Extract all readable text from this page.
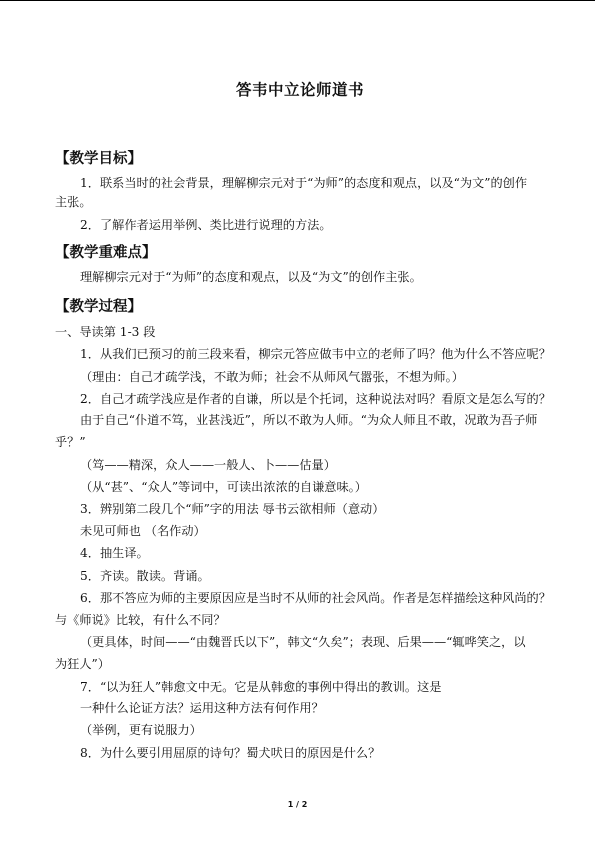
答韦中立论师道书
【教学目标】
1．联系当时的社会背景，理解柳宗元对于“为师”的态度和观点，以及“为文”的创作
主张。
2．了解作者运用举例、类比进行说理的方法。
【教学重难点】
理解柳宗元对于“为师”的态度和观点，以及“为文”的创作主张。
【教学过程】
一、导读第 1-3 段
1．从我们已预习的前三段来看，柳宗元答应做韦中立的老师了吗？他为什么不答应呢？
（理由：自己才疏学浅，不敢为师；社会不从师风气嚣张，不想为师。）
2．自己才疏学浅应是作者的自谦，所以是个托词，这种说法对吗？看原文是怎么写的？
由于自己“仆道不笃，业甚浅近”，所以不敢为人师。“为众人师且不敢，况敢为吾子师
乎？”
（笃——精深，众人——一般人、卜——估量）
（从“甚”、“众人”等词中，可读出浓浓的自谦意味。）
3．辨别第二段几个“师”字的用法 辱书云欲相师（意动）
未见可师也 （名作动）
4．抽生译。
5．齐读。散读。背诵。
6．那不答应为师的主要原因应是当时不从师的社会风尚。作者是怎样描绘这种风尚的？
与《师说》比较，有什么不同？
（更具体，时间——“由魏晋氏以下”，韩文“久矣”；表现、后果——“辄哗笑之，以
为狂人”）
7．“以为狂人”韩愈文中无。它是从韩愈的事例中得出的教训。这是
一种什么论证方法？运用这种方法有何作用？
（举例，更有说服力）
8．为什么要引用屈原的诗句？蜀犬吠日的原因是什么？
1 / 2
